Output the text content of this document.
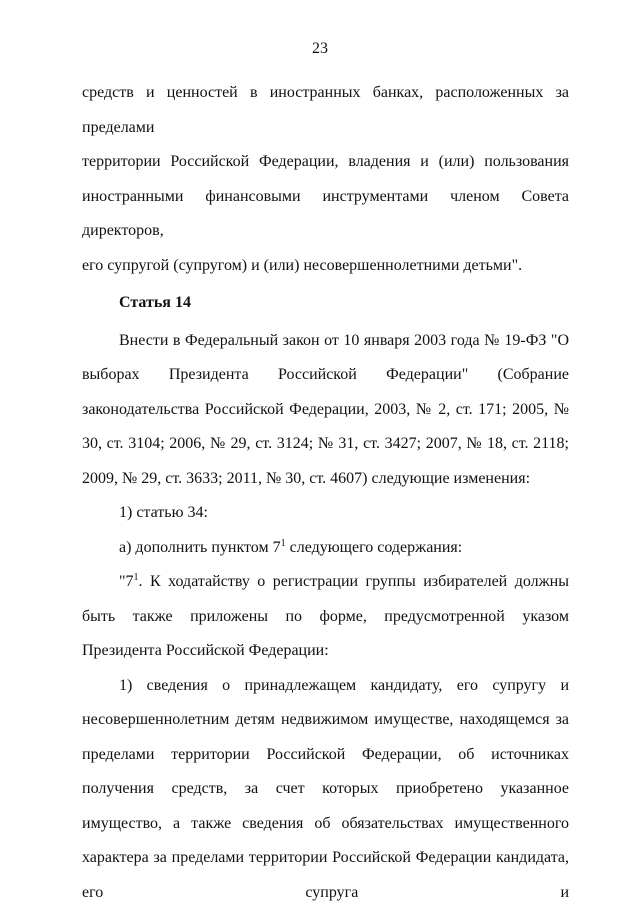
23

средств и ценностей в иностранных банках, расположенных за пределами

территории Российской Федерации, владения и (или) пользования

иностранными финансовыми инструментами членом Совета директоров,

его супругой (супругом) и (или) несовершеннолетними детьми".

Статья 14

Внести в Федеральный закон от 10 января 2003 года № 19-ФЗ "О выборах Президента Российской Федерации" (Собрание законодательства Российской Федерации, 2003, № 2, ст. 171; 2005, № 30, ст. 3104; 2006, № 29, ст. 3124; № 31, ст. 3427; 2007, № 18, ст. 2118; 2009, № 29, ст. 3633; 2011, № 30, ст. 4607) следующие изменения:

1) статью 34:

а) дополнить пунктом $7^1$ следующего содержания:

"$7^1$. К ходатайству о регистрации группы избирателей должны быть также приложены по форме, предусмотренной указом Президента Российской Федерации:

1) сведения о принадлежащем кандидату, его супругу и несовершеннолетним детям недвижимом имуществе, находящемся за пределами территории Российской Федерации, об источниках получения средств, за счет которых приобретено указанное имущество, а также сведения об обязательствах имущественного характера за пределами территории Российской Федерации кандидата, его супруга и
